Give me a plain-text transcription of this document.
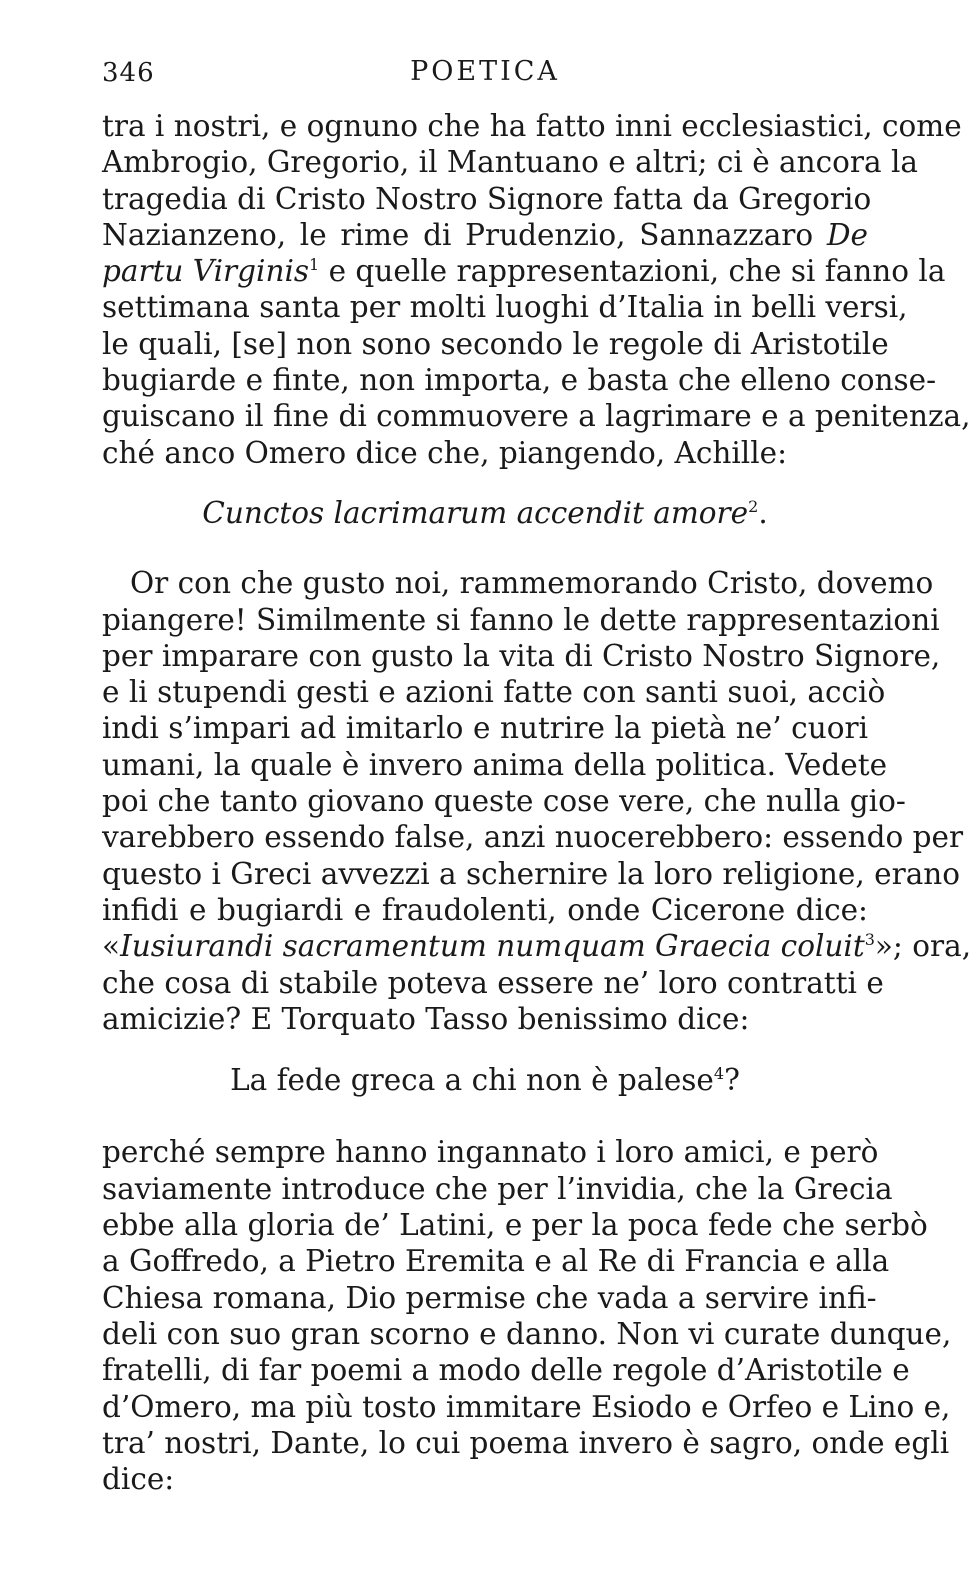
346	POETICA
tra i nostri, e ognuno che ha fatto inni ecclesiastici, come
Ambrogio, Gregorio, il Mantuano e altri; ci è ancora la
tragedia di Cristo Nostro Signore fatta da Gregorio
Nazianzeno, le rime di Prudenzio, Sannazzaro De
partu Virginis$^1$ e quelle rappresentazioni, che si fanno la
settimana santa per molti luoghi d’Italia in belli versi,
le quali, [se] non sono secondo le regole di Aristotile
bugiarde e finte, non importa, e basta che elleno conse‑
guiscano il fine di commuovere a lagrimare e a penitenza,
ché anco Omero dice che, piangendo, Achille:
Cunctos lacrimarum accendit amore$^2$.
Or con che gusto noi, rammemorando Cristo, dovemo
piangere! Similmente si fanno le dette rappresentazioni
per imparare con gusto la vita di Cristo Nostro Signore,
e li stupendi gesti e azioni fatte con santi suoi, acciò
indi s’impari ad imitarlo e nutrire la pietà ne’ cuori
umani, la quale è invero anima della politica. Vedete
poi che tanto giovano queste cose vere, che nulla gio‑
varebbero essendo false, anzi nuocerebbero: essendo per
questo i Greci avvezzi a schernire la loro religione, erano
infidi e bugiardi e fraudolenti, onde Cicerone dice:
«Iusiurandi sacramentum numquam Graecia coluit$^3$»; ora,
che cosa di stabile poteva essere ne’ loro contratti e
amicizie? E Torquato Tasso benissimo dice:
La fede greca a chi non è palese$^4$?
perché sempre hanno ingannato i loro amici, e però
saviamente introduce che per l’invidia, che la Grecia
ebbe alla gloria de’ Latini, e per la poca fede che serbò
a Goffredo, a Pietro Eremita e al Re di Francia e alla
Chiesa romana, Dio permise che vada a servire infi‑
deli con suo gran scorno e danno. Non vi curate dunque,
fratelli, di far poemi a modo delle regole d’Aristotile e
d’Omero, ma più tosto immitare Esiodo e Orfeo e Lino e,
tra’ nostri, Dante, lo cui poema invero è sagro, onde egli
dice:
